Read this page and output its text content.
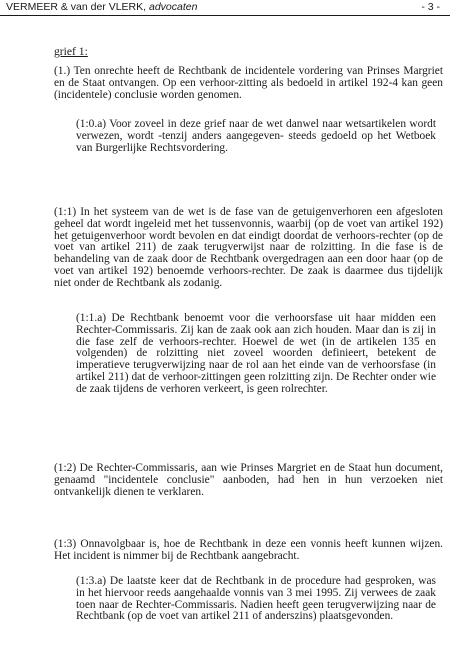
VERMEER & van der VLERK, advocaten	- 3 -

grief 1:

(1.) Ten onrechte heeft de Rechtbank de incidentele vordering van Prinses Margriet en de Staat ontvangen. Op een verhoor-zitting als bedoeld in artikel 192-4 kan geen (incidentele) conclusie worden genomen.

(1:0.a) Voor zoveel in deze grief naar de wet danwel naar wetsartikelen wordt verwezen, wordt -tenzij anders aangegeven- steeds gedoeld op het Wetboek van Burgerlijke Rechtsvordering.

(1:1) In het systeem van de wet is de fase van de getuigenverhoren een afgesloten geheel dat wordt ingeleid met het tussenvonnis, waarbij (op de voet van artikel 192) het getuigenverhoor wordt bevolen en dat eindigt doordat de verhoors-rechter (op de voet van artikel 211) de zaak terugverwijst naar de rolzitting. In die fase is de behandeling van de zaak door de Rechtbank overgedragen aan een door haar (op de voet van artikel 192) benoemde verhoors-rechter. De zaak is daarmee dus tijdelijk niet onder de Rechtbank als zodanig.

(1:1.a) De Rechtbank benoemt voor die verhoorsfase uit haar midden een Rechter-Commissaris. Zij kan de zaak ook aan zich houden. Maar dan is zij in die fase zelf de verhoors-rechter. Hoewel de wet (in de artikelen 135 en volgenden) de rolzitting niet zoveel woorden definieert, betekent de imperatieve terugverwijzing naar de rol aan het einde van de verhoorsfase (in artikel 211) dat de verhoor-zittingen geen rolzitting zijn. De Rechter onder wie de zaak tijdens de verhoren verkeert, is geen rolrechter.

(1:2) De Rechter-Commissaris, aan wie Prinses Margriet en de Staat hun document, genaamd "incidentele conclusie" aanboden, had hen in hun verzoeken niet ontvankelijk dienen te verklaren.

(1:3) Onnavolgbaar is, hoe de Rechtbank in deze een vonnis heeft kunnen wijzen. Het incident is nimmer bij de Rechtbank aangebracht.

(1:3.a) De laatste keer dat de Rechtbank in de procedure had gesproken, was in het hiervoor reeds aangehaalde vonnis van 3 mei 1995. Zij verwees de zaak toen naar de Rechter-Commissaris. Nadien heeft geen terugverwijzing naar de Rechtbank (op de voet van artikel 211 of anderszins) plaatsgevonden.
